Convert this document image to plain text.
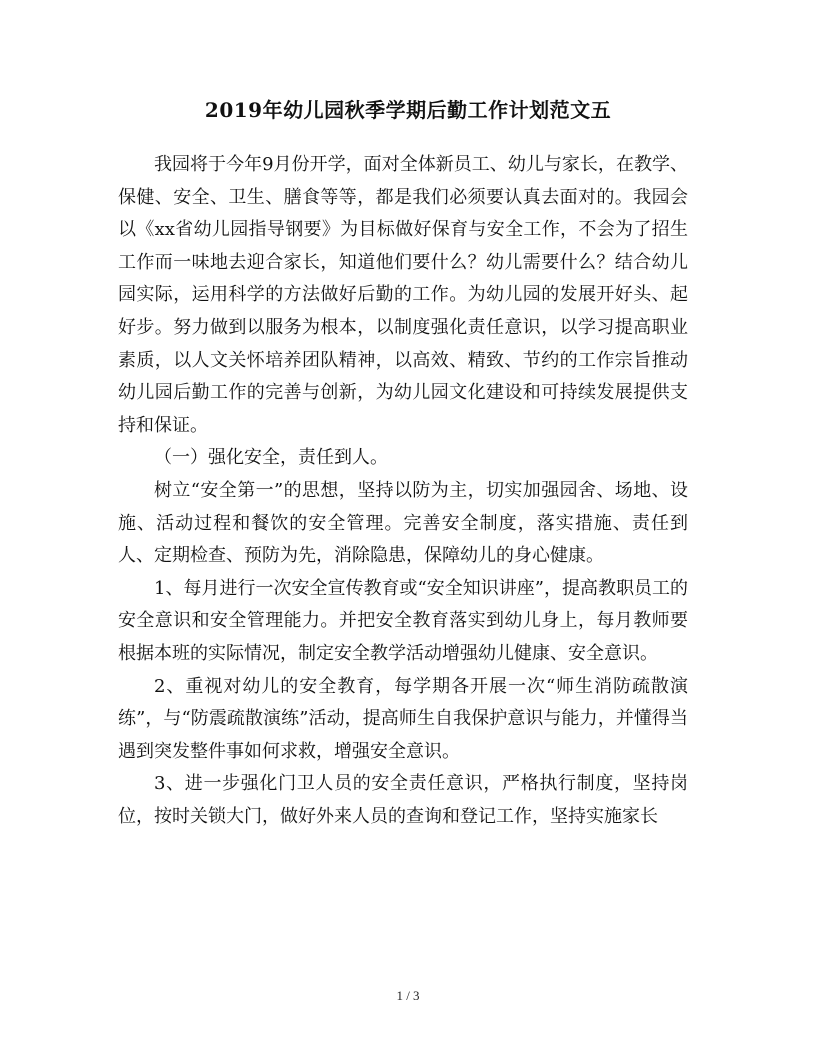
2019年幼儿园秋季学期后勤工作计划范文五

我园将于今年9月份开学，面对全体新员工、幼儿与家长，在教学、保健、安全、卫生、膳食等等，都是我们必须要认真去面对的。我园会以《xx省幼儿园指导钢要》为目标做好保育与安全工作，不会为了招生工作而一味地去迎合家长，知道他们要什么？幼儿需要什么？结合幼儿园实际，运用科学的方法做好后勤的工作。为幼儿园的发展开好头、起好步。努力做到以服务为根本，以制度强化责任意识，以学习提高职业素质，以人文关怀培养团队精神，以高效、精致、节约的工作宗旨推动幼儿园后勤工作的完善与创新，为幼儿园文化建设和可持续发展提供支持和保证。

（一）强化安全，责任到人。

树立“安全第一”的思想，坚持以防为主，切实加强园舍、场地、设施、活动过程和餐饮的安全管理。完善安全制度，落实措施、责任到人、定期检查、预防为先，消除隐患，保障幼儿的身心健康。

1、每月进行一次安全宣传教育或“安全知识讲座”，提高教职员工的安全意识和安全管理能力。并把安全教育落实到幼儿身上，每月教师要根据本班的实际情况，制定安全教学活动增强幼儿健康、安全意识。

2、重视对幼儿的安全教育，每学期各开展一次“师生消防疏散演练”，与“防震疏散演练”活动，提高师生自我保护意识与能力，并懂得当遇到突发整件事如何求救，增强安全意识。

3、进一步强化门卫人员的安全责任意识，严格执行制度，坚持岗位，按时关锁大门，做好外来人员的查询和登记工作，坚持实施家长

1 / 3
